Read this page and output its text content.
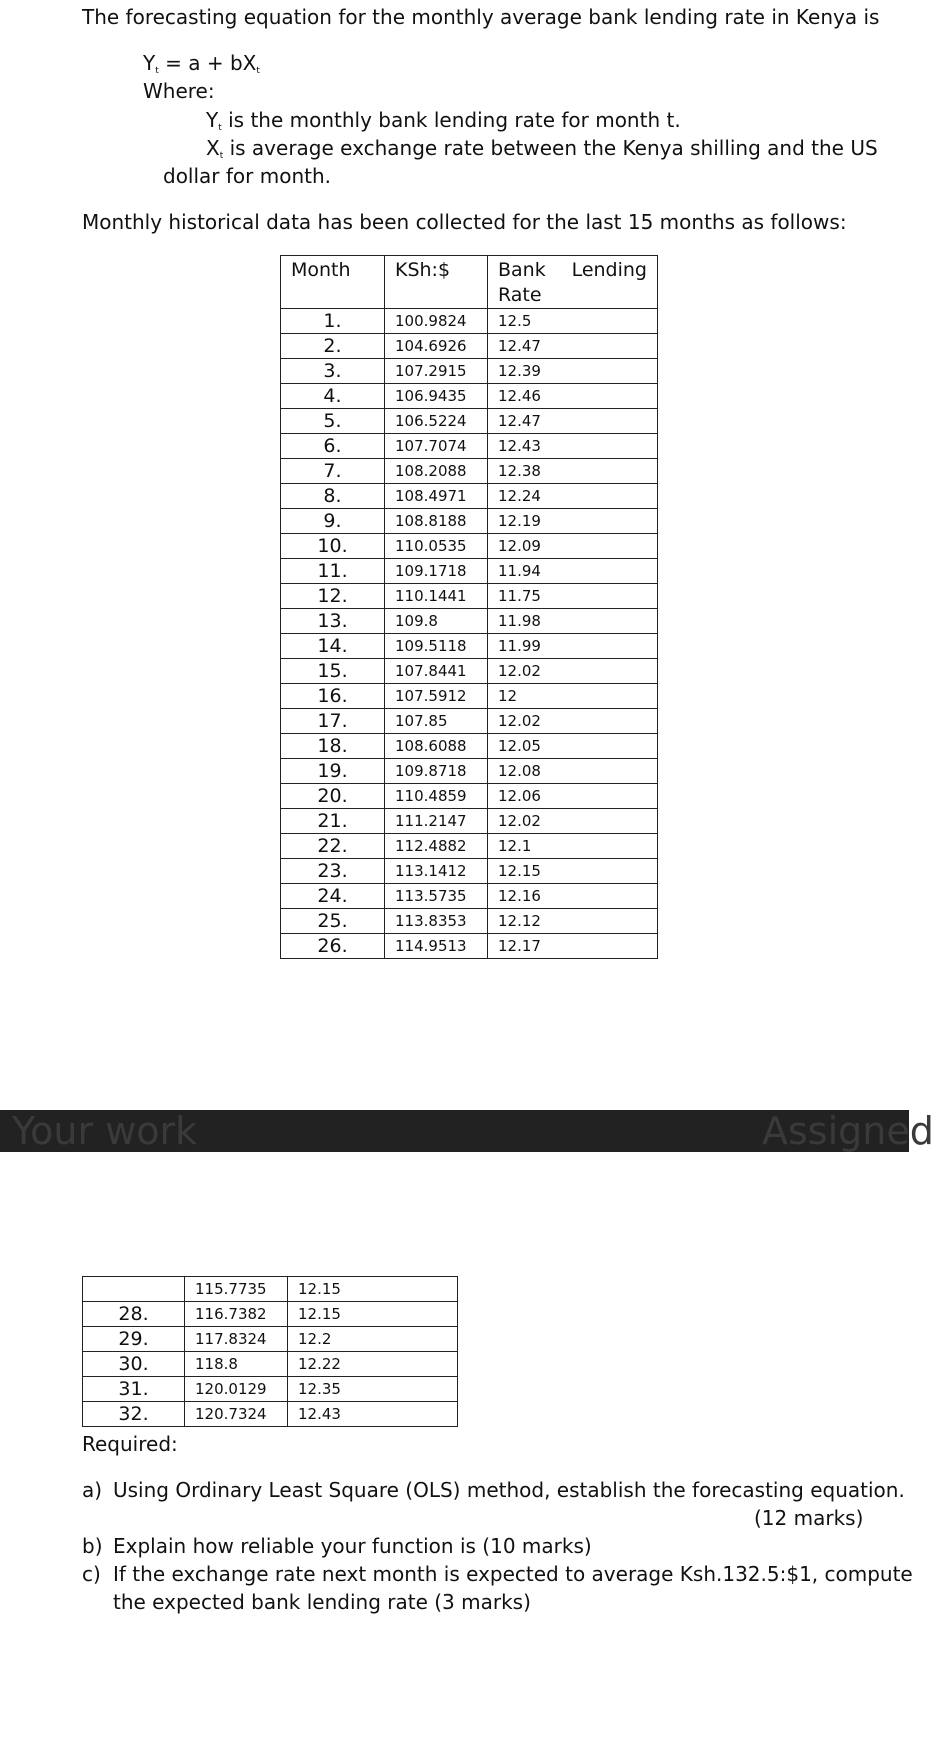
The forecasting equation for the monthly average bank lending rate in Kenya is
$Y_t = a + bX_t$
Where:
$Y_t$ is the monthly bank lending rate for month t.
$X_t$ is average exchange rate between the Kenya shilling and the US
dollar for month.
Monthly historical data has been collected for the last 15 months as follows:
Month	KSh:$	Bank Lending
Rate

1.	100.9824	12.5
2.	104.6926	12.47
3.	107.2915	12.39
4.	106.9435	12.46
5.	106.5224	12.47
6.	107.7074	12.43
7.	108.2088	12.38
8.	108.4971	12.24
9.	108.8188	12.19
10.	110.0535	12.09
11.	109.1718	11.94
12.	110.1441	11.75
13.	109.8	11.98
14.	109.5118	11.99
15.	107.8441	12.02
16.	107.5912	12
17.	107.85	12.02
18.	108.6088	12.05
19.	109.8718	12.08
20.	110.4859	12.06
21.	111.2147	12.02
22.	112.4882	12.1
23.	113.1412	12.15
24.	113.5735	12.16
25.	113.8353	12.12
26.	114.9513	12.17
Your work	Assigned
	115.7735	12.15
28.	116.7382	12.15
29.	117.8324	12.2
30.	118.8	12.22
31.	120.0129	12.35
32.	120.7324	12.43
Required:
a) Using Ordinary Least Square (OLS) method, establish the forecasting equation.
(12 marks)
b) Explain how reliable your function is (10 marks)
c) If the exchange rate next month is expected to average Ksh.132.5:$1, compute
the expected bank lending rate (3 marks)
